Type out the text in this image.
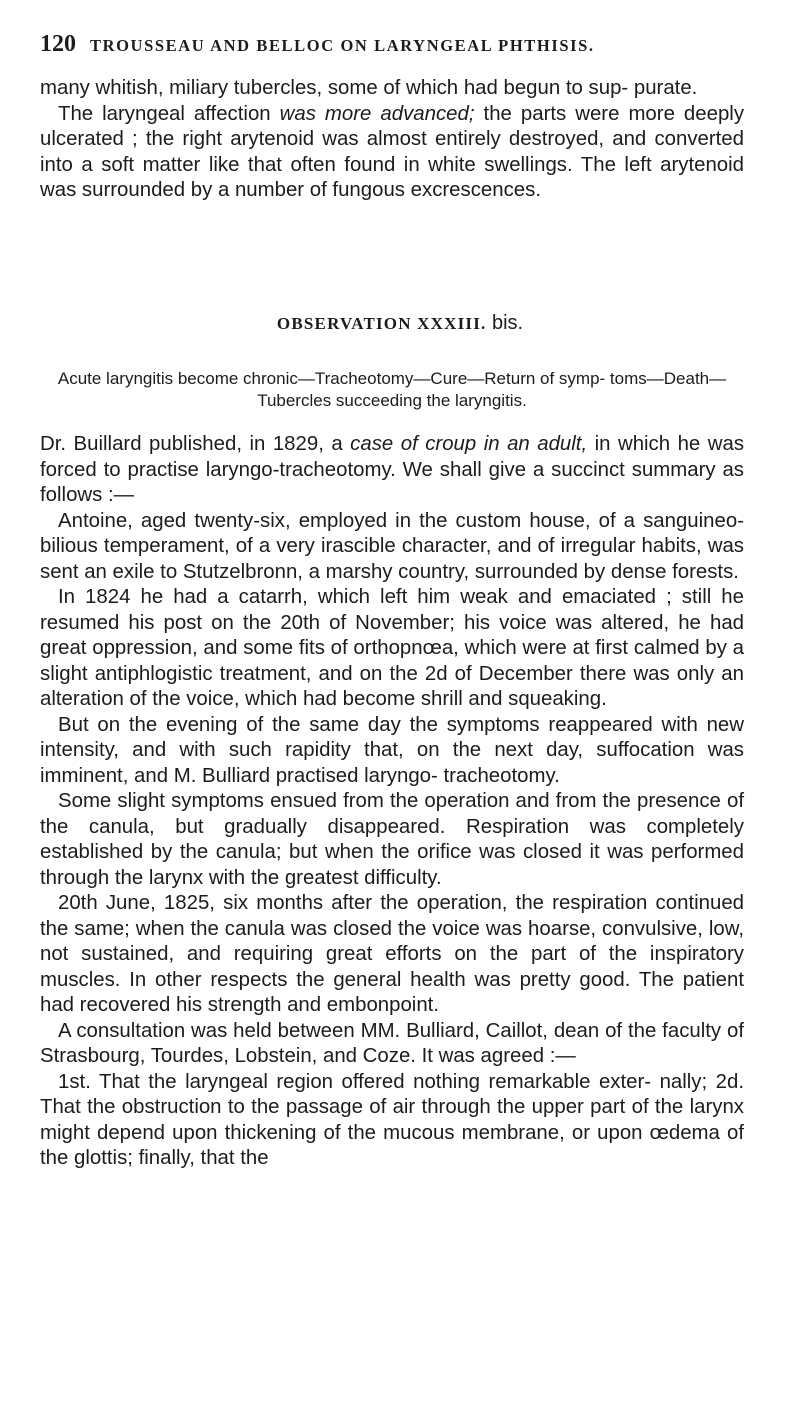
120 TROUSSEAU AND BELLOC ON LARYNGEAL PHTHISIS.

many whitish, miliary tubercles, some of which had begun to sup- purate.

The laryngeal affection was more advanced; the parts were more deeply ulcerated ; the right arytenoid was almost entirely destroyed, and converted into a soft matter like that often found in white swellings. The left arytenoid was surrounded by a number of fungous excrescences.

OBSERVATION XXXIII. bis.
Acute laryngitis become chronic—Tracheotomy—Cure—Return of symp- toms—Death—Tubercles succeeding the laryngitis.

Dr. Buillard published, in 1829, a case of croup in an adult, in which he was forced to practise laryngo-tracheotomy. We shall give a succinct summary as follows :—

Antoine, aged twenty-six, employed in the custom house, of a sanguineo-bilious temperament, of a very irascible character, and of irregular habits, was sent an exile to Stutzelbronn, a marshy country, surrounded by dense forests.

In 1824 he had a catarrh, which left him weak and emaciated ; still he resumed his post on the 20th of November; his voice was altered, he had great oppression, and some fits of orthopnœa, which were at first calmed by a slight antiphlogistic treatment, and on the 2d of December there was only an alteration of the voice, which had become shrill and squeaking.

But on the evening of the same day the symptoms reappeared with new intensity, and with such rapidity that, on the next day, suffocation was imminent, and M. Bulliard practised laryngo- tracheotomy.

Some slight symptoms ensued from the operation and from the presence of the canula, but gradually disappeared. Respiration was completely established by the canula; but when the orifice was closed it was performed through the larynx with the greatest difficulty.

20th June, 1825, six months after the operation, the respiration continued the same; when the canula was closed the voice was hoarse, convulsive, low, not sustained, and requiring great efforts on the part of the inspiratory muscles. In other respects the general health was pretty good. The patient had recovered his strength and embonpoint.

A consultation was held between MM. Bulliard, Caillot, dean of the faculty of Strasbourg, Tourdes, Lobstein, and Coze. It was agreed :—

1st. That the laryngeal region offered nothing remarkable exter- nally; 2d. That the obstruction to the passage of air through the upper part of the larynx might depend upon thickening of the mucous membrane, or upon œdema of the glottis; finally, that the
